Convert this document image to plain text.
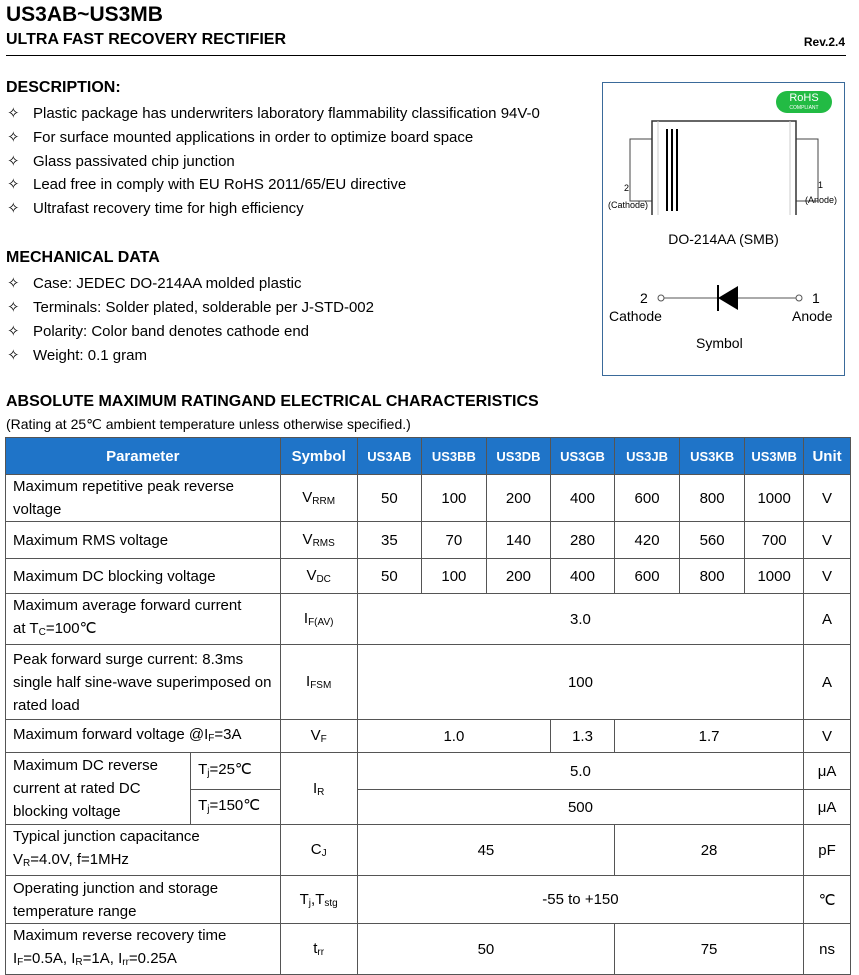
US3AB~US3MB
ULTRA FAST RECOVERY RECTIFIER	Rev.2.4
DESCRIPTION:
✧ Plastic package has underwriters laboratory flammability classification 94V-0
✧ For surface mounted applications in order to optimize board space
✧ Glass passivated chip junction
✧ Lead free in comply with EU RoHS 2011/65/EU directive
✧ Ultrafast recovery time for high efficiency
MECHANICAL DATA
✧ Case: JEDEC DO-214AA molded plastic
✧ Terminals: Solder plated, solderable per J-STD-002
✧ Polarity: Color band denotes cathode end
✧ Weight: 0.1 gram
RoHS
COMPLIANT
2
(Cathode)
1
(Anode)
DO-214AA (SMB)
2
Cathode
1
Anode
Symbol
ABSOLUTE MAXIMUM RATINGAND ELECTRICAL CHARACTERISTICS
(Rating at 25℃ ambient temperature unless otherwise specified.)
Parameter		Symbol	US3AB	US3BB	US3DB	US3GB	US3JB	US3KB	US3MB	Unit
Maximum repetitive peak reverse voltage		$V_{RRM}$	50	100	200	400	600	800	1000	V
Maximum RMS voltage		$V_{RMS}$	35	70	140	280	420	560	700	V
Maximum DC blocking voltage		$V_{DC}$	50	100	200	400	600	800	1000	V
Maximum average forward current
at $T_C=100℃$		$I_{F(AV)}$	3.0							A
Peak forward surge current: 8.3ms single half sine-wave superimposed on rated load		$I_{FSM}$	100							A
Maximum forward voltage $@I_F=3A$		$V_F$	1.0			1.3	1.7			V
Maximum DC reverse current at rated DC blocking voltage	$T_j=25℃$	$I_R$	5.0							μA
	$T_j=150℃$		500							μA
Typical junction capacitance
$V_R=4.0V$, f=1MHz		$C_J$	45				28			pF
Operating junction and storage temperature range		$T_j,T_{stg}$	-55 to +150							℃
Maximum reverse recovery time
$I_F=0.5A$, $I_R=1A$, $I_{rr}=0.25A$		$t_{rr}$	50				75			ns
